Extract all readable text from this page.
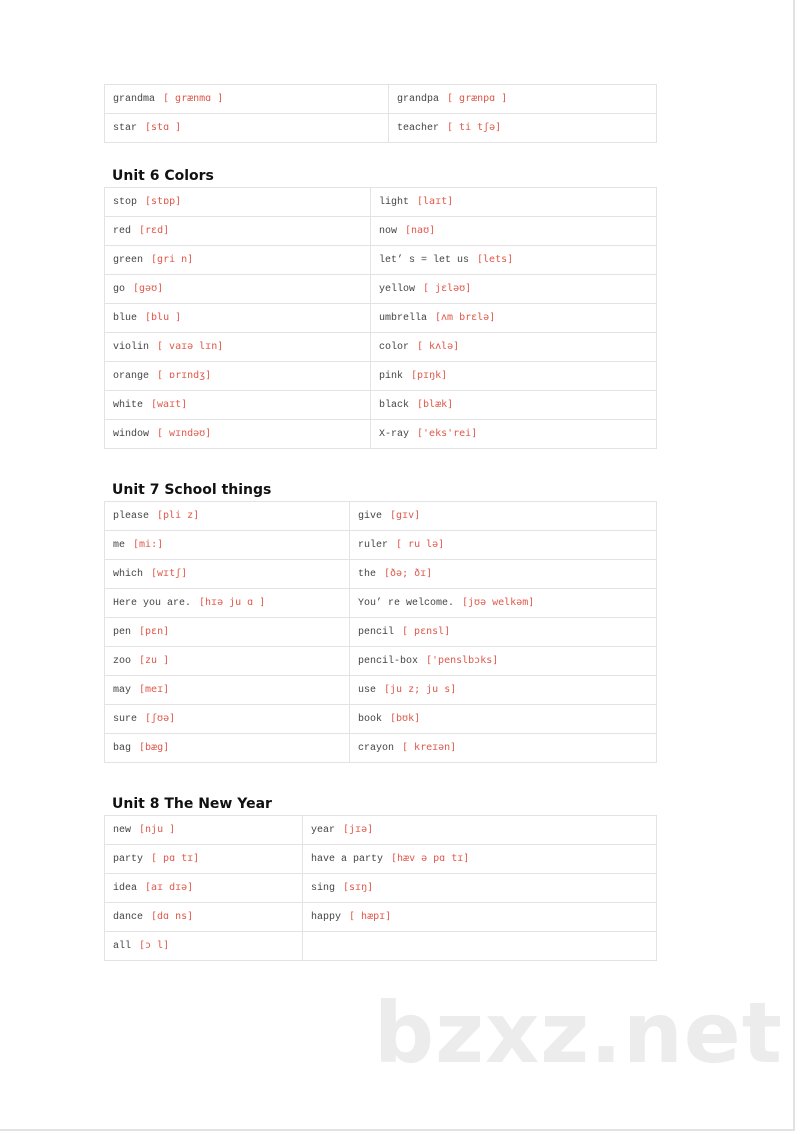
grandma [ grænmɑ ]	grandpa [ grænpɑ ]
star [stɑ ]	teacher [ ti tʃə]
Unit 6 Colors
stop [stɒp]	light [laɪt]
red [rɛd]	now [naʊ]
green [gri n]	let’ s = let us [lets]
go [gəʊ]	yellow [ jɛləʊ]
blue [blu ]	umbrella [ʌm brɛlə]
violin [ vaɪə lɪn]	color [ kʌlə]
orange [ ɒrɪndʒ]	pink [pɪŋk]
white [waɪt]	black [blæk]
window [ wɪndəʊ]	X-ray ['eks'rei]
Unit 7 School things
please [pli z]	give [gɪv]
me [mi:]	ruler [ ru lə]
which [wɪtʃ]	the [ðə; ðɪ]
Here you are. [hɪə ju ɑ ]	You’ re welcome. [jʊə welkəm]
pen [pɛn]	pencil [ pɛnsl]
zoo [zu ]	pencil-box ['penslbɔks]
may [meɪ]	use [ju z; ju s]
sure [ʃʊə]	book [bʊk]
bag [bæg]	crayon [ kreɪən]
Unit 8 The New Year
new [nju ]	year [jɪə]
party [ pɑ tɪ]	have a party [hæv ə pɑ tɪ]
idea [aɪ dɪə]	sing [sɪŋ]
dance [dɑ ns]	happy [ hæpɪ]
all [ɔ l]	
bzxz.net
